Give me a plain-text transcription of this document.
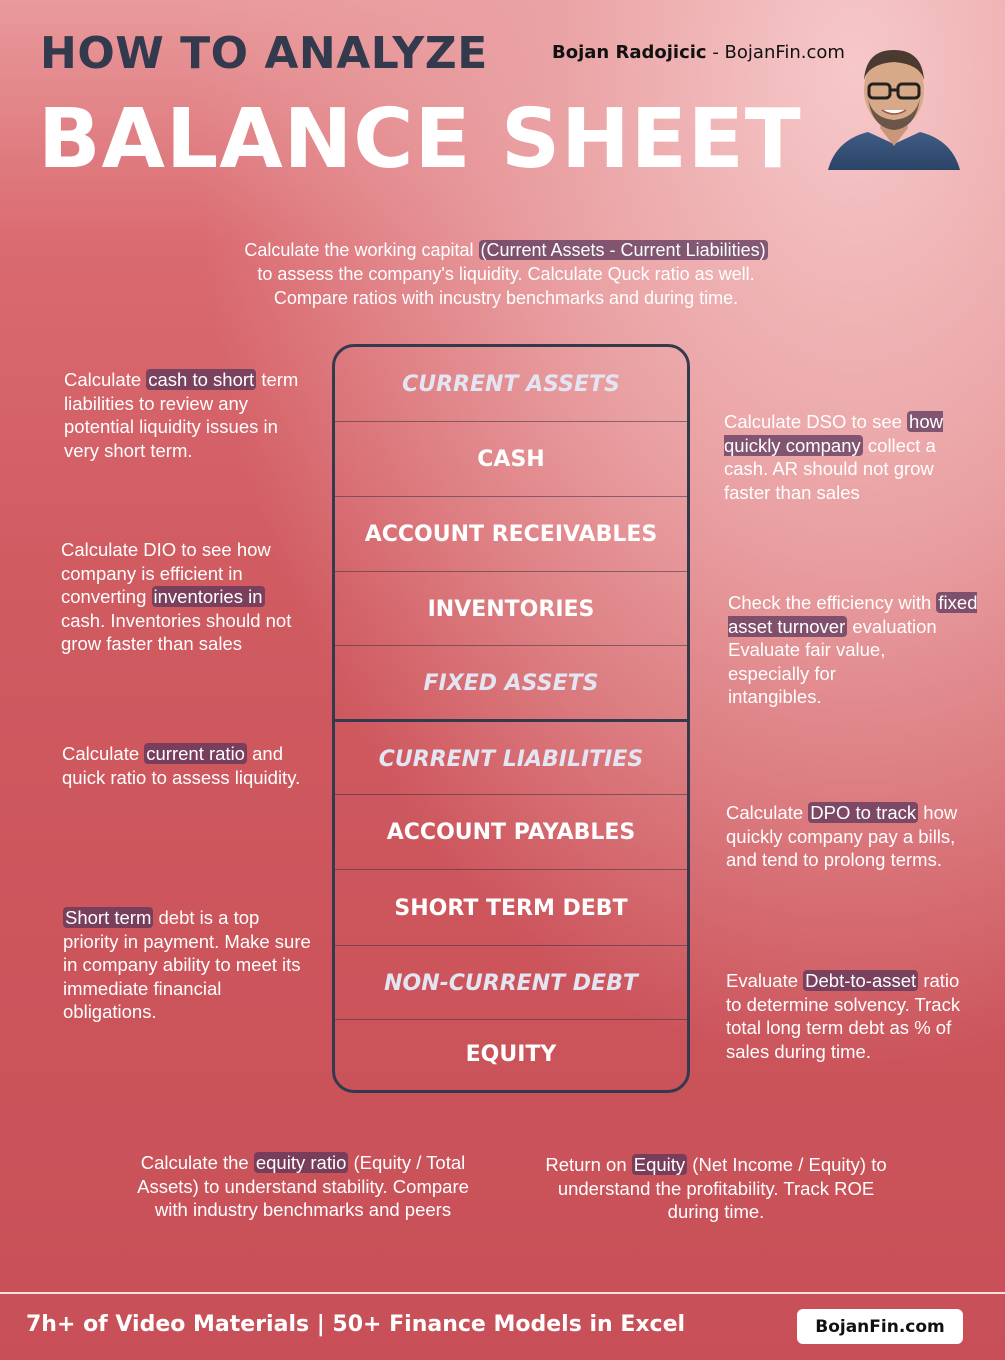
HOW TO ANALYZE
BALANCE SHEET
Bojan Radojicic - BojanFin.com
Calculate the working capital (Current Assets - Current Liabilities)
to assess the company's liquidity. Calculate Quck ratio as well.
Compare ratios with incustry benchmarks and during time.
Calculate cash to short term liabilities to review any potential liquidity issues in very short term.
Calculate DIO to see how company is efficient in converting inventories in cash. Inventories should not grow faster than sales
Calculate current ratio and quick ratio to assess liquidity.
Short term debt is a top priority in payment. Make sure in company ability to meet its immediate financial obligations.
Calculate DSO to see how quickly company collect a cash. AR should not grow faster than sales
Check the efficiency with fixed asset turnover evaluation
Evaluate fair value, especially for intangibles.
Calculate DPO to track how quickly company pay a bills, and tend to prolong terms.
Evaluate Debt-to-asset ratio to determine solvency. Track total long term debt as % of sales during time.
CURRENT ASSETS
CASH
ACCOUNT RECEIVABLES
INVENTORIES
FIXED ASSETS
CURRENT LIABILITIES
ACCOUNT PAYABLES
SHORT TERM DEBT
NON-CURRENT DEBT
EQUITY
Calculate the equity ratio (Equity / Total Assets) to understand stability. Compare with industry benchmarks and peers
Return on Equity (Net Income / Equity) to understand the profitability. Track ROE during time.
7h+ of Video Materials | 50+ Finance Models in Excel	BojanFin.com
